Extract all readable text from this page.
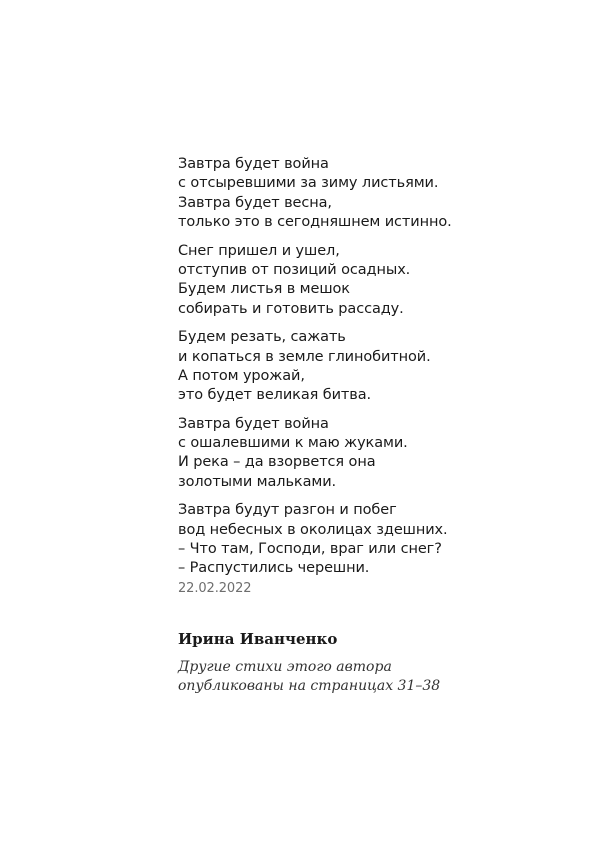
Завтра будет война
с отсыревшими за зиму листьями.
Завтра будет весна,
только это в сегодняшнем истинно.
Снег пришел и ушел,
отступив от позиций осадных.
Будем листья в мешок
собирать и готовить рассаду.
Будем резать, сажать
и копаться в земле глинобитной.
А потом урожай,
это будет великая битва.
Завтра будет война
с ошалевшими к маю жуками.
И река – да взорвется она
золотыми мальками.
Завтра будут разгон и побег
вод небесных в околицах здешних.
– Что там, Господи, враг или снег?
– Распустились черешни.
22.02.2022
Ирина Иванченко
Другие стихи этого автора
опубликованы на страницах 31–38
